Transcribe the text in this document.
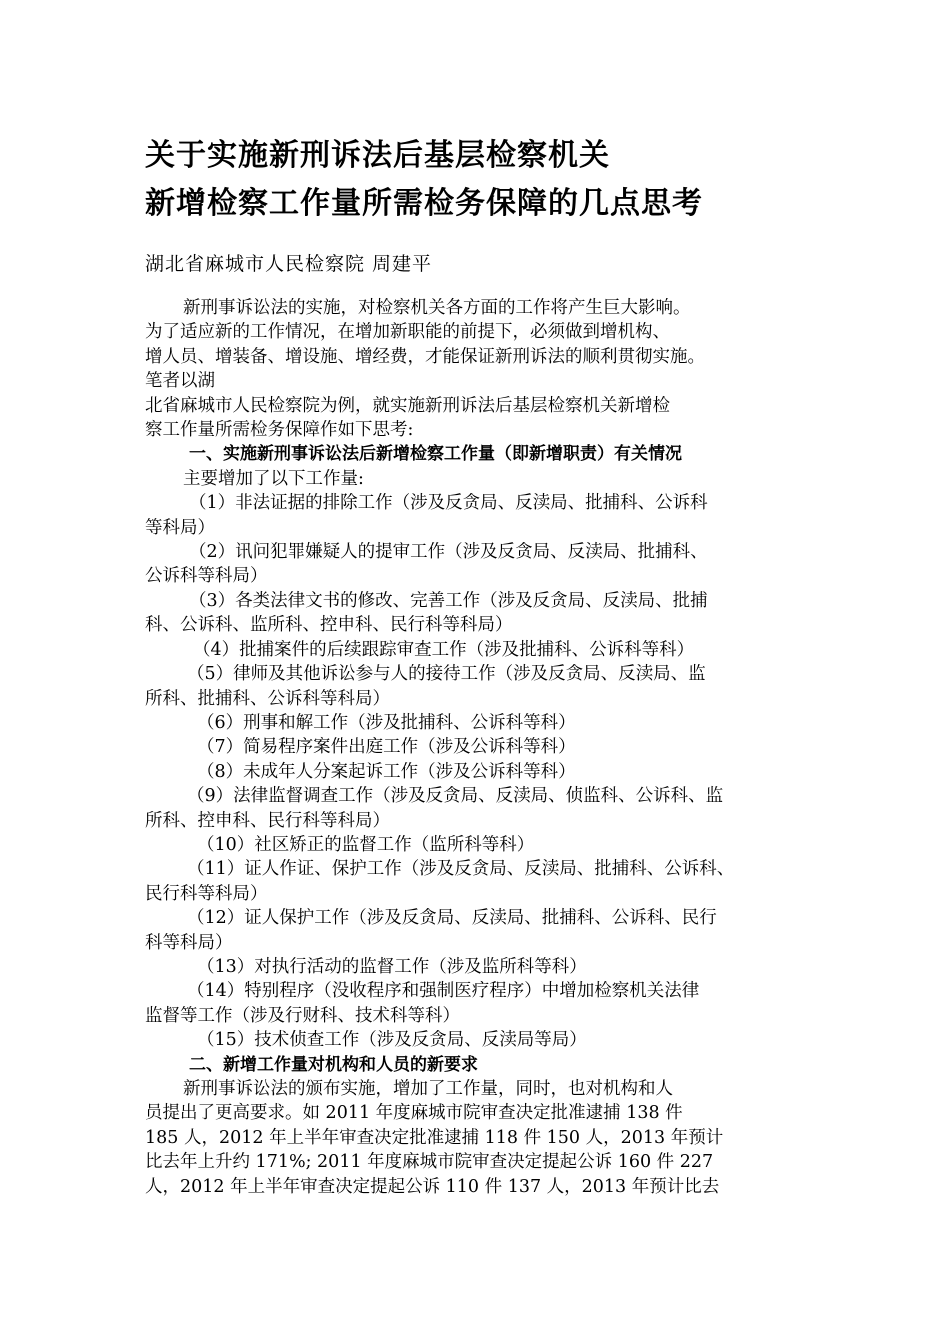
关于实施新刑诉法后基层检察机关
新增检察工作量所需检务保障的几点思考

湖北省麻城市人民检察院 周建平

新刑事诉讼法的实施，对检察机关各方面的工作将产生巨大影响。
为了适应新的工作情况，在增加新职能的前提下，必须做到增机构、
增人员、增装备、增设施、增经费，才能保证新刑诉法的顺利贯彻实施。
笔者以湖
北省麻城市人民检察院为例，就实施新刑诉法后基层检察机关新增检
察工作量所需检务保障作如下思考:
一、实施新刑事诉讼法后新增检察工作量（即新增职责）有关情况
主要增加了以下工作量:
（1）非法证据的排除工作（涉及反贪局、反渎局、批捕科、公诉科
等科局）
（2）讯问犯罪嫌疑人的提审工作（涉及反贪局、反渎局、批捕科、
公诉科等科局）
（3）各类法律文书的修改、完善工作（涉及反贪局、反渎局、批捕
科、公诉科、监所科、控申科、民行科等科局）
（4）批捕案件的后续跟踪审查工作（涉及批捕科、公诉科等科）
（5）律师及其他诉讼参与人的接待工作（涉及反贪局、反渎局、监
所科、批捕科、公诉科等科局）
（6）刑事和解工作（涉及批捕科、公诉科等科）
（7）简易程序案件出庭工作（涉及公诉科等科）
（8）未成年人分案起诉工作（涉及公诉科等科）
（9）法律监督调查工作（涉及反贪局、反渎局、侦监科、公诉科、监
所科、控申科、民行科等科局）
（10）社区矫正的监督工作（监所科等科）
（11）证人作证、保护工作（涉及反贪局、反渎局、批捕科、公诉科、
民行科等科局）
（12）证人保护工作（涉及反贪局、反渎局、批捕科、公诉科、民行
科等科局）
（13）对执行活动的监督工作（涉及监所科等科）
（14）特别程序（没收程序和强制医疗程序）中增加检察机关法律
监督等工作（涉及行财科、技术科等科）
（15）技术侦查工作（涉及反贪局、反渎局等局）
二、新增工作量对机构和人员的新要求
新刑事诉讼法的颁布实施，增加了工作量，同时，也对机构和人
员提出了更高要求。如 2011 年度麻城市院审查决定批准逮捕 138 件
185 人，2012 年上半年审查决定批准逮捕 118 件 150 人，2013 年预计
比去年上升约 171%; 2011 年度麻城市院审查决定提起公诉 160 件 227
人，2012 年上半年审查决定提起公诉 110 件 137 人，2013 年预计比去
